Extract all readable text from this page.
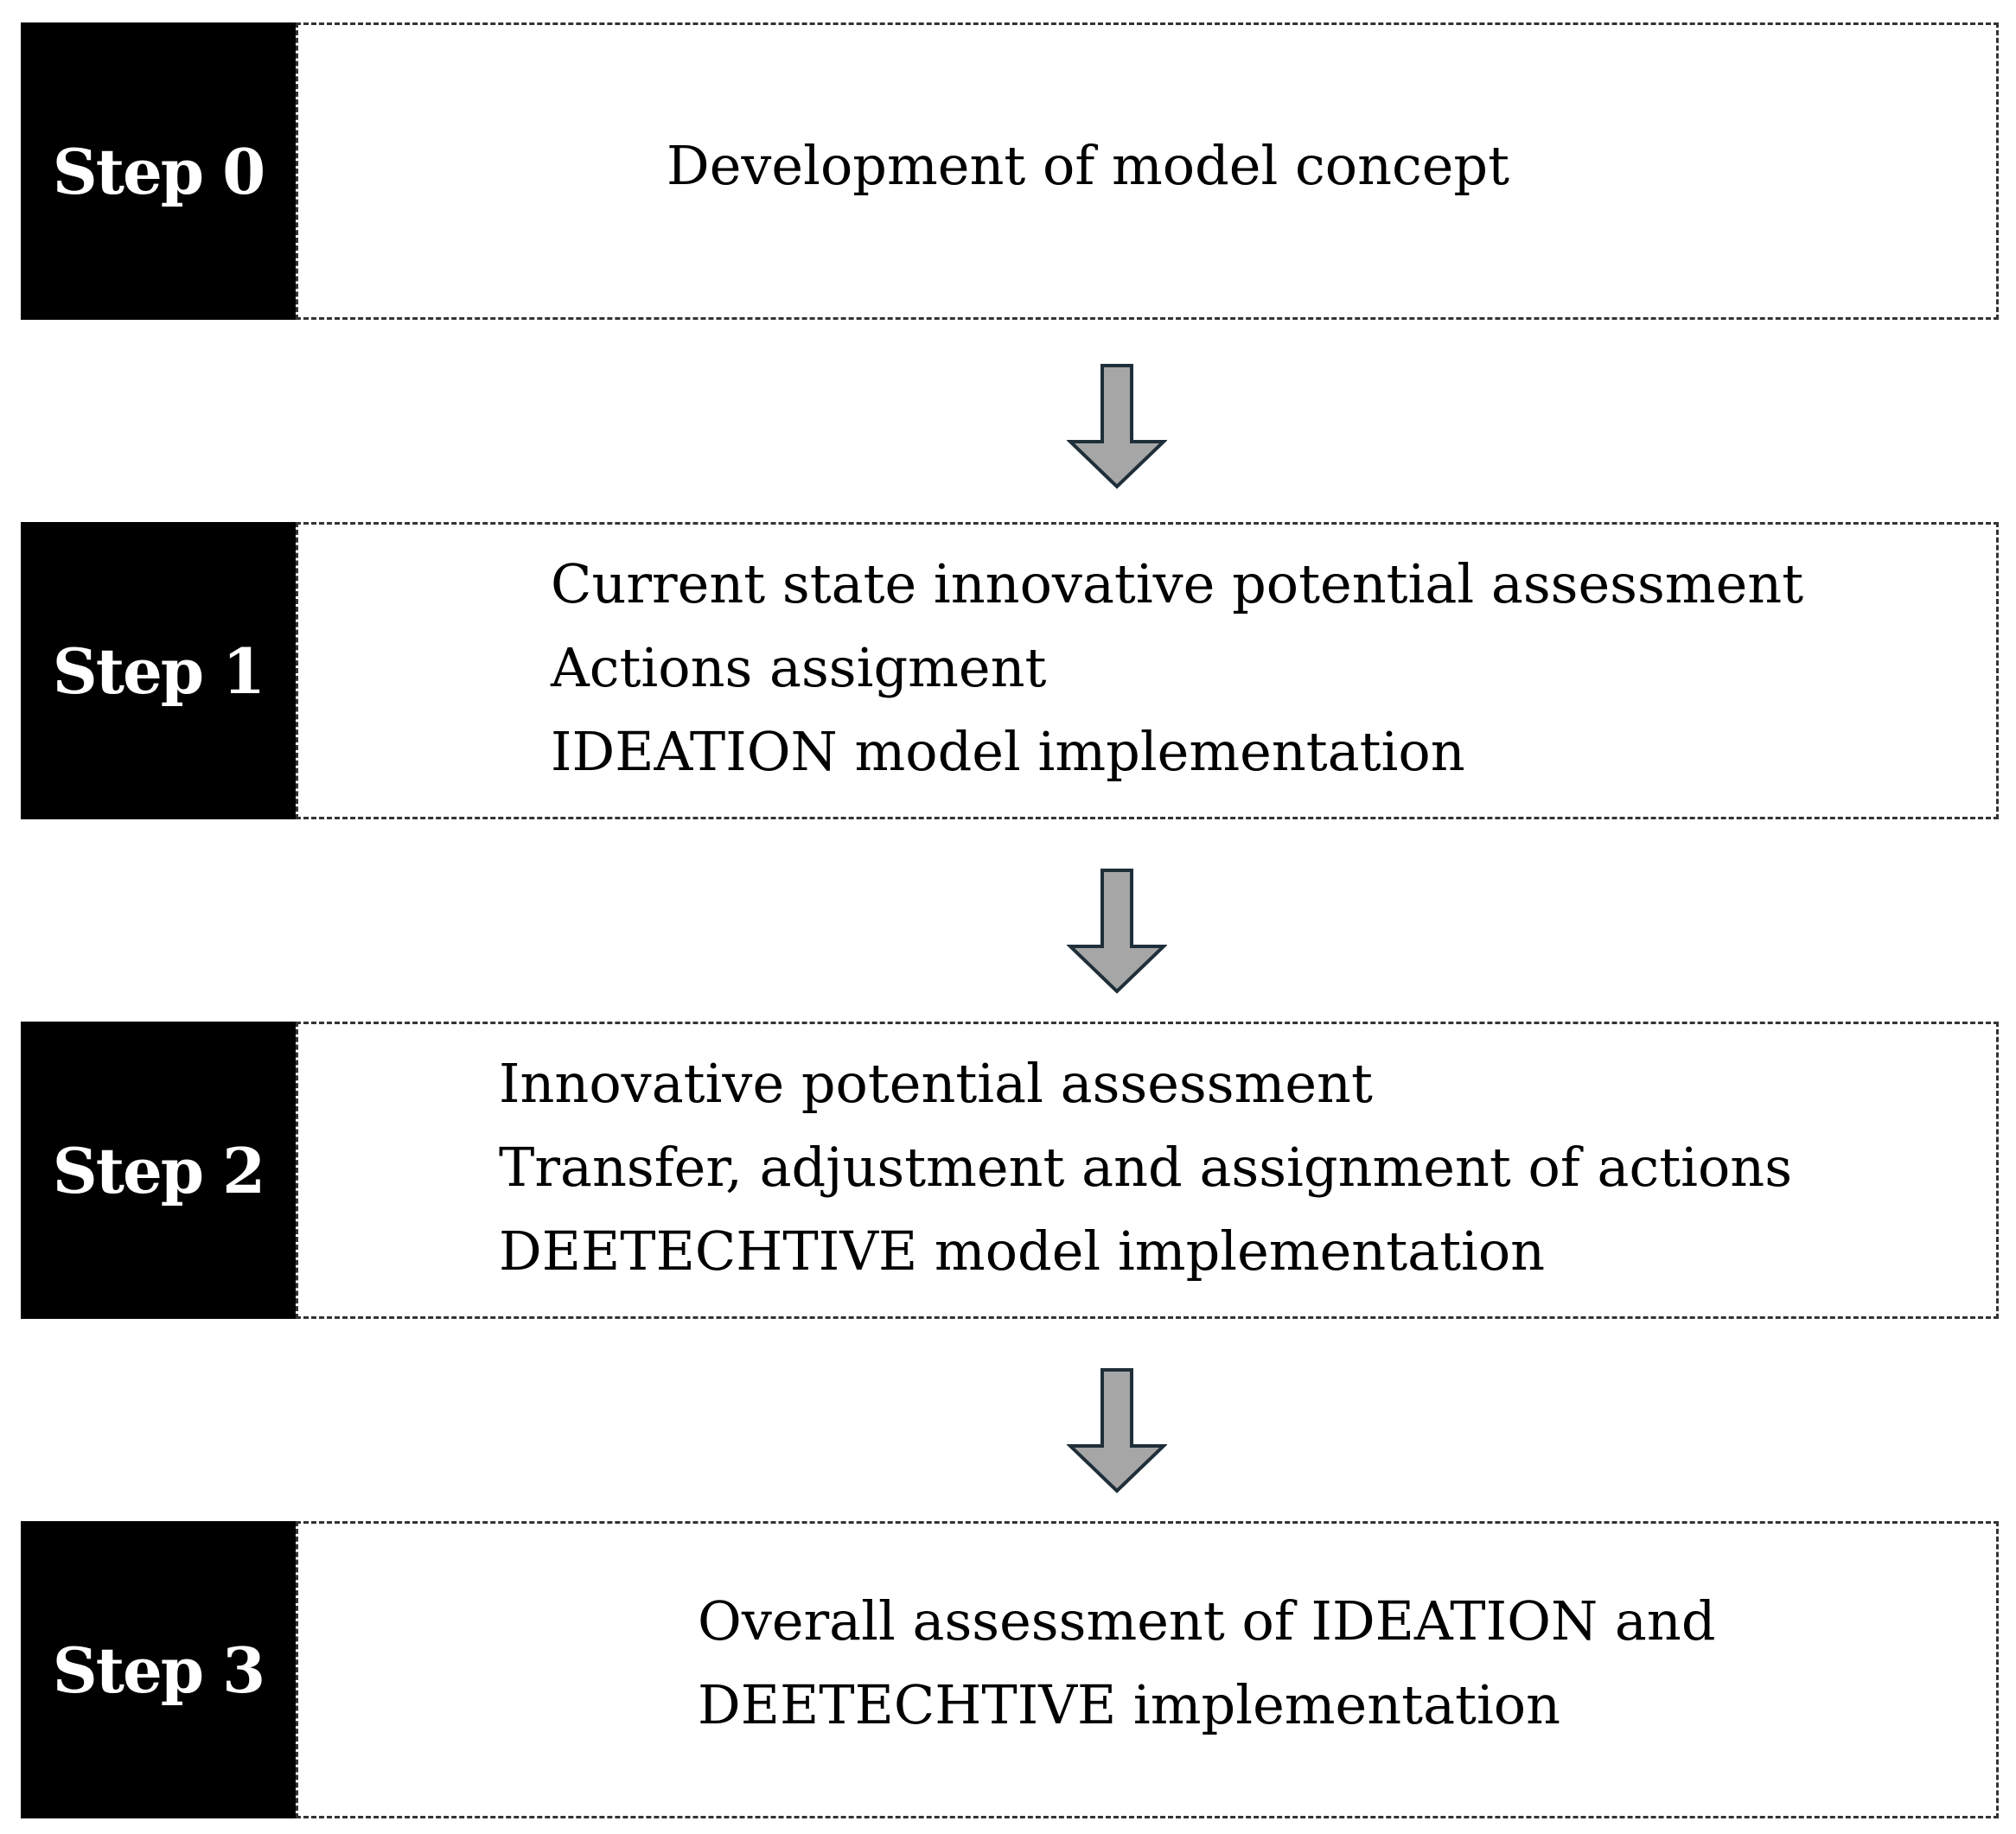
Step 0	Development of model concept
Step 1
Current state innovative potential assessment
Actions assigment
IDEATION model implementation
Step 2
Innovative potential assessment
Transfer, adjustment and assignment of actions
DEETECHTIVE model implementation
Step 3
Overall assessment of IDEATION and
DEETECHTIVE implementation
